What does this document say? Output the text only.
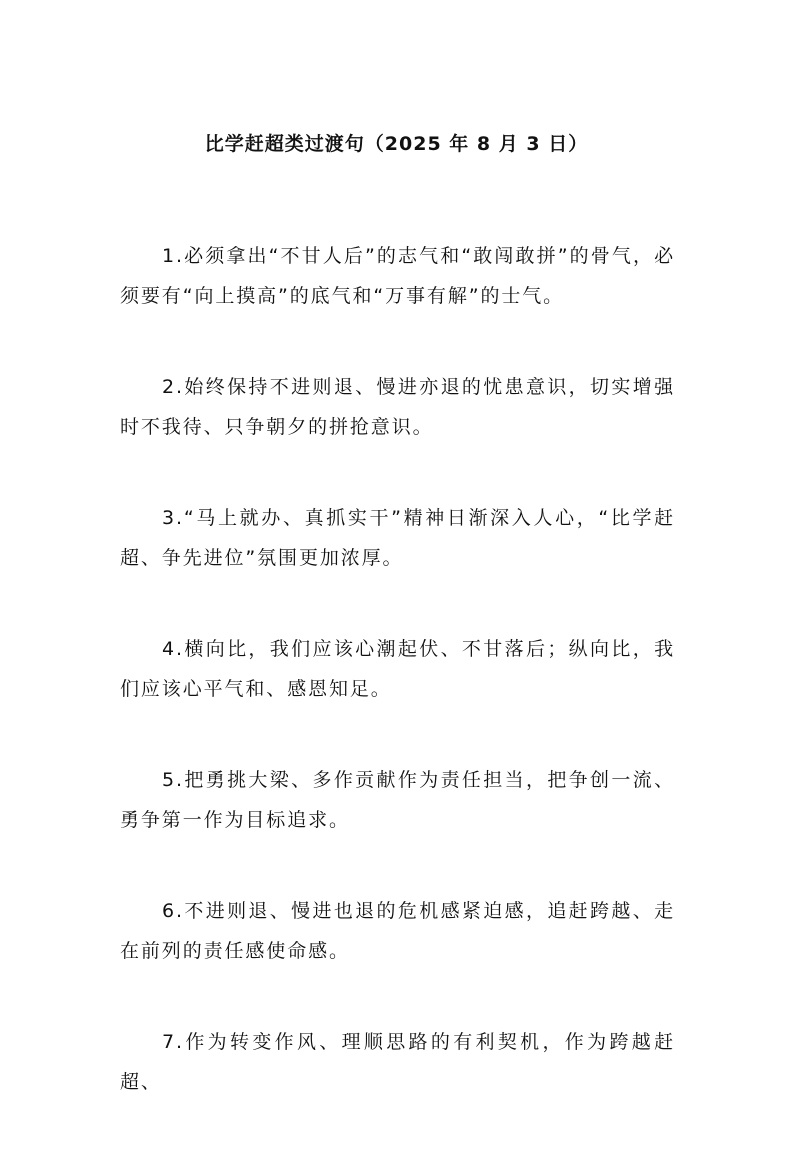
比学赶超类过渡句（2025 年 8 月 3 日）

1.必须拿出“不甘人后”的志气和“敢闯敢拼”的骨气，必须要有“向上摸高”的底气和“万事有解”的士气。

2.始终保持不进则退、慢进亦退的忧患意识，切实增强时不我待、只争朝夕的拼抢意识。

3.“马上就办、真抓实干”精神日渐深入人心，“比学赶超、争先进位”氛围更加浓厚。

4.横向比，我们应该心潮起伏、不甘落后；纵向比，我们应该心平气和、感恩知足。

5.把勇挑大梁、多作贡献作为责任担当，把争创一流、勇争第一作为目标追求。

6.不进则退、慢进也退的危机感紧迫感，追赶跨越、走在前列的责任感使命感。

7.作为转变作风、理顺思路的有利契机，作为跨越赶超、
